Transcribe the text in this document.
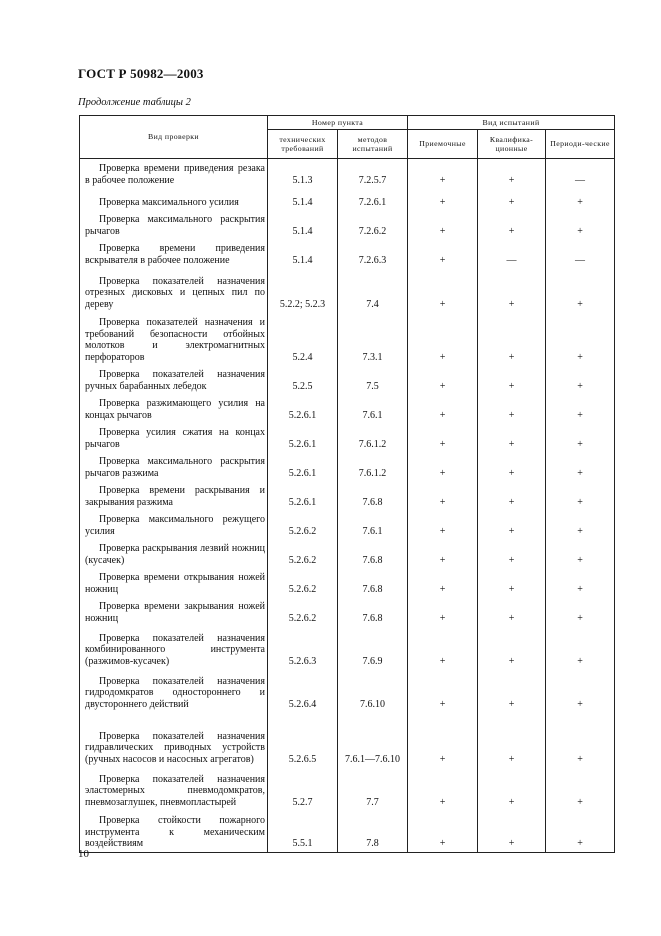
ГОСТ Р 50982—2003
Продолжение таблицы 2
Вид проверки	Номер пункта		Вид испытаний		
	технических требований	методов испытаний	Приемочные	Квалифика-ционные	Периоди-ческие

Проверка времени приведения резака в рабочее положение	5.1.3	7.2.5.7	+	+	—

Проверка максимального усилия	5.1.4	7.2.6.1	+	+	+

Проверка максимального раскрытия рычагов	5.1.4	7.2.6.2	+	+	+

Проверка времени приведения вскрывателя в рабочее положение	5.1.4	7.2.6.3	+	—	—

Проверка показателей назначения отрезных дисковых и цепных пил по дереву	5.2.2; 5.2.3	7.4	+	+	+

Проверка показателей назначения и требований безопасности отбойных молотков и электромагнитных перфораторов	5.2.4	7.3.1	+	+	+

Проверка показателей назначения ручных барабанных лебедок	5.2.5	7.5	+	+	+

Проверка разжимающего усилия на концах рычагов	5.2.6.1	7.6.1	+	+	+

Проверка усилия сжатия на концах рычагов	5.2.6.1	7.6.1.2	+	+	+

Проверка максимального раскрытия рычагов разжима	5.2.6.1	7.6.1.2	+	+	+

Проверка времени раскрывания и закрывания разжима	5.2.6.1	7.6.8	+	+	+

Проверка максимального режущего усилия	5.2.6.2	7.6.1	+	+	+

Проверка раскрывания лезвий ножниц (кусачек)	5.2.6.2	7.6.8	+	+	+

Проверка времени открывания ножей ножниц	5.2.6.2	7.6.8	+	+	+

Проверка времени закрывания ножей ножниц	5.2.6.2	7.6.8	+	+	+

Проверка показателей назначения комбинированного инструмента (разжимов-кусачек)	5.2.6.3	7.6.9	+	+	+

Проверка показателей назначения гидродомкратов одностороннего и двустороннего действий	5.2.6.4	7.6.10	+	+	+

Проверка показателей назначения гидравлических приводных устройств (ручных насосов и насосных агрегатов)	5.2.6.5	7.6.1—7.6.10	+	+	+

Проверка показателей назначения эластомерных пневмодомкратов, пневмозаглушек, пневмопластырей	5.2.7	7.7	+	+	+

Проверка стойкости пожарного инструмента к механическим воздействиям	5.5.1	7.8	+	+	+
10
